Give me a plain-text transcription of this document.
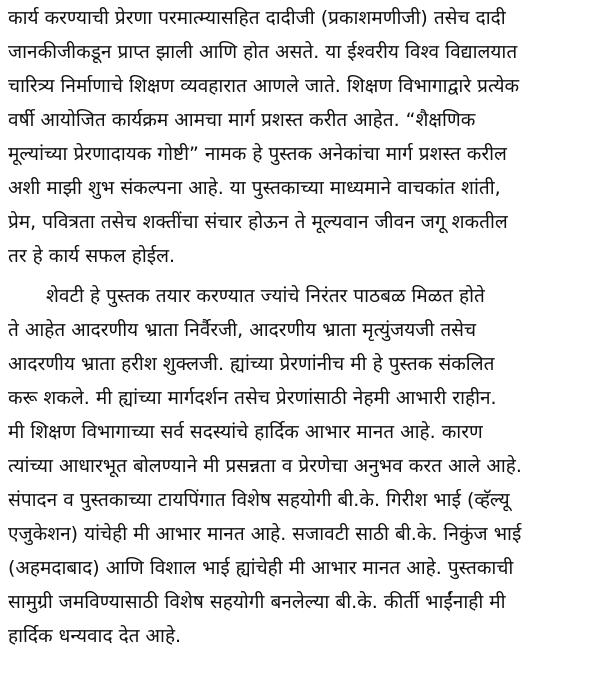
कार्य करण्याची प्रेरणा परमात्म्यासहित दादीजी (प्रकाशमणीजी) तसेच दादी
जानकीजीकडून प्राप्त झाली आणि होत असते. या ईश्वरीय विश्व विद्यालयात
चारित्र्य निर्माणाचे शिक्षण व्यवहारात आणले जाते. शिक्षण विभागाद्वारे प्रत्येक
वर्षी आयोजित कार्यक्रम आमचा मार्ग प्रशस्त करीत आहेत. “शैक्षणिक
मूल्यांच्या प्रेरणादायक गोष्टी” नामक हे पुस्तक अनेकांचा मार्ग प्रशस्त करील
अशी माझी शुभ संकल्पना आहे. या पुस्तकाच्या माध्यमाने वाचकांत शांती,
प्रेम, पवित्रता तसेच शक्तींचा संचार होऊन ते मूल्यवान जीवन जगू शकतील
तर हे कार्य सफल होईल.
शेवटी हे पुस्तक तयार करण्यात ज्यांचे निरंतर पाठबळ मिळत होते
ते आहेत आदरणीय भ्राता निर्वैरजी, आदरणीय भ्राता मृत्युंजयजी तसेच
आदरणीय भ्राता हरीश शुक्लजी. ह्यांच्या प्रेरणांनीच मी हे पुस्तक संकलित
करू शकले. मी ह्यांच्या मार्गदर्शन तसेच प्रेरणांसाठी नेहमी आभारी राहीन.
मी शिक्षण विभागाच्या सर्व सदस्यांचे हार्दिक आभार मानत आहे. कारण
त्यांच्या आधारभूत बोलण्याने मी प्रसन्नता व प्रेरणेचा अनुभव करत आले आहे.
संपादन व पुस्तकाच्या टायपिंगात विशेष सहयोगी बी.के. गिरीश भाई (व्हॅल्यू
एजुकेशन) यांचेही मी आभार मानत आहे. सजावटी साठी बी.के. निकुंज भाई
(अहमदाबाद) आणि विशाल भाई ह्यांचेही मी आभार मानत आहे. पुस्तकाची
सामुग्री जमविण्यासाठी विशेष सहयोगी बनलेल्या बी.के. कीर्ती भाईंनाही मी
हार्दिक धन्यवाद देत आहे.
